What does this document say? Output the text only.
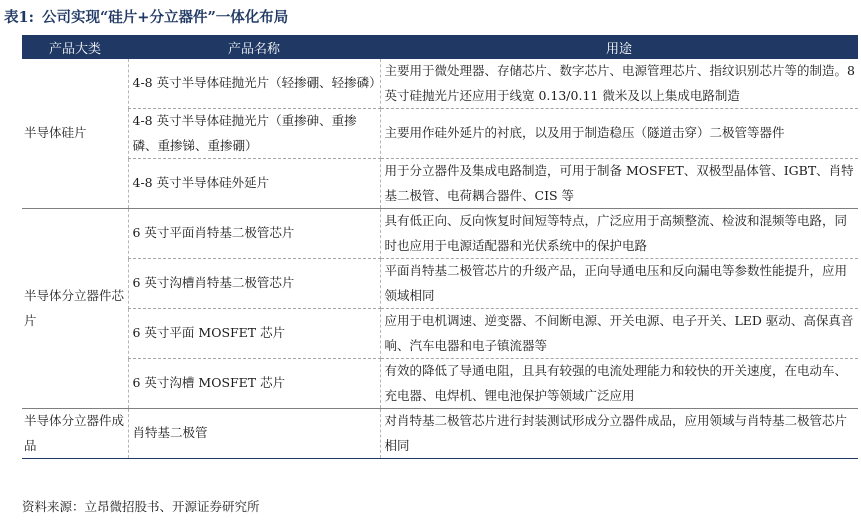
表1: 公司实现“硅片+分立器件”一体化布局
产品大类	产品名称	用途
半导体硅片	4-8 英寸半导体硅抛光片（轻掺硼、轻掺磷）	主要用于微处理器、存储芯片、数字芯片、电源管理芯片、指纹识别芯片等的制造。8 英寸硅抛光片还应用于线宽 0.13/0.11 微米及以上集成电路制造
	4-8 英寸半导体硅抛光片（重掺砷、重掺磷、重掺锑、重掺硼）	主要用作硅外延片的衬底，以及用于制造稳压（隧道击穿）二极管等器件
	4-8 英寸半导体硅外延片	用于分立器件及集成电路制造，可用于制备 MOSFET、双极型晶体管、IGBT、肖特基二极管、电荷耦合器件、CIS 等
半导体分立器件芯片	6 英寸平面肖特基二极管芯片	具有低正向、反向恢复时间短等特点，广泛应用于高频整流、检波和混频等电路，同时也应用于电源适配器和光伏系统中的保护电路
	6 英寸沟槽肖特基二极管芯片	平面肖特基二极管芯片的升级产品，正向导通电压和反向漏电等参数性能提升，应用领域相同
	6 英寸平面 MOSFET 芯片	应用于电机调速、逆变器、不间断电源、开关电源、电子开关、LED 驱动、高保真音响、汽车电器和电子镇流器等
	6 英寸沟槽 MOSFET 芯片	有效的降低了导通电阻，且具有较强的电流处理能力和较快的开关速度，在电动车、充电器、电焊机、锂电池保护等领域广泛应用
半导体分立器件成品	肖特基二极管	对肖特基二极管芯片进行封装测试形成分立器件成品，应用领域与肖特基二极管芯片相同
资料来源：立昂微招股书、开源证券研究所
